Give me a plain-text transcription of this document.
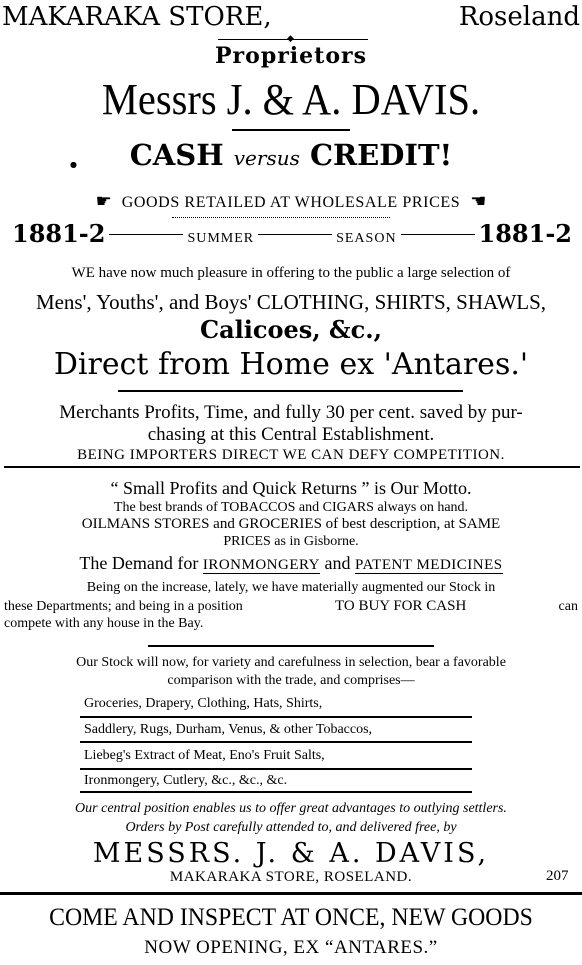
MAKARAKA STORE,	Roseland
◆
Proprietors
Messrs J. & A. DAVIS.
CASH versus CREDIT!
●
☛ GOODS RETAILED AT WHOLESALE PRICES ☚
1881-2	SUMMER	SEASON	1881-2
WE have now much pleasure in offering to the public a large selection of
Mens', Youths', and Boys' CLOTHING, SHIRTS, SHAWLS,
Calicoes, &c.,
Direct from Home ex 'Antares.'
Merchants Profits, Time, and fully 30 per cent. saved by pur-
chasing at this Central Establishment.
BEING IMPORTERS DIRECT WE CAN DEFY COMPETITION.
“ Small Profits and Quick Returns ” is Our Motto.
The best brands of TOBACCOS and CIGARS always on hand.
OILMANS STORES and GROCERIES of best description, at SAME
PRICES as in Gisborne.
The Demand for IRONMONGERY and PATENT MEDICINES
Being on the increase, lately, we have materially augmented our Stock in
these Departments; and being in a position	TO BUY FOR CASH	can
compete with any house in the Bay.
Our Stock will now, for variety and carefulness in selection, bear a favorable
comparison with the trade, and comprises—
Groceries, Drapery, Clothing, Hats, Shirts,
Saddlery, Rugs, Durham, Venus, & other Tobaccos,
Liebeg's Extract of Meat, Eno's Fruit Salts,
Ironmongery, Cutlery, &c., &c., &c.
Our central position enables us to offer great advantages to outlying settlers.
Orders by Post carefully attended to, and delivered free, by
MESSRS. J. & A. DAVIS,
MAKARAKA STORE, ROSELAND.	207
COME AND INSPECT AT ONCE, NEW GOODS
NOW OPENING, EX “ANTARES.”
